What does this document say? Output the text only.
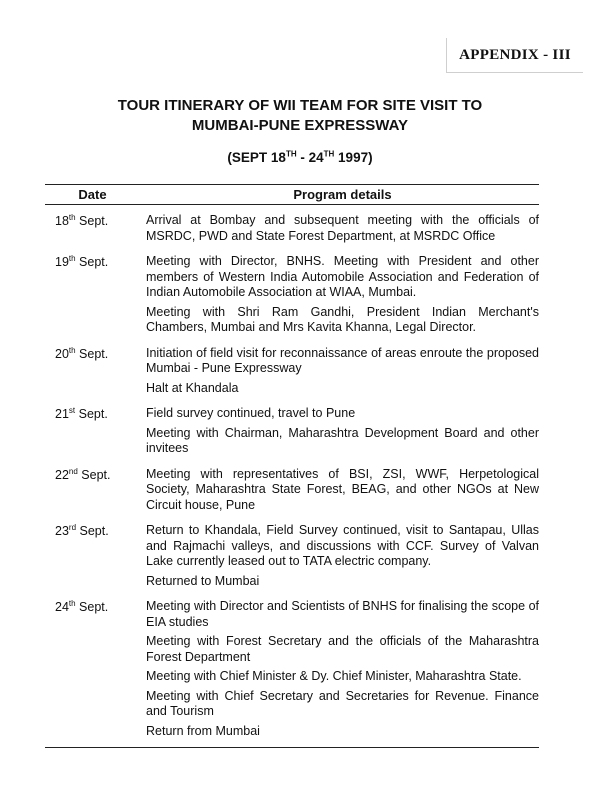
APPENDIX - III
TOUR ITINERARY OF WII TEAM FOR SITE VISIT TO
MUMBAI-PUNE EXPRESSWAY
(SEPT 18TH - 24TH 1997)
Date	Program details
18th Sept.	Arrival at Bombay and subsequent meeting with the officials of MSRDC, PWD and State Forest Department, at MSRDC Office
19th Sept.	Meeting with Director, BNHS. Meeting with President and other members of Western India Automobile Association and Federation of Indian Automobile Association at WIAA, Mumbai.
Meeting with Shri Ram Gandhi, President Indian Merchant's Chambers, Mumbai and Mrs Kavita Khanna, Legal Director.
20th Sept.	Initiation of field visit for reconnaissance of areas enroute the proposed Mumbai - Pune Expressway
Halt at Khandala
21st Sept.	Field survey continued, travel to Pune
Meeting with Chairman, Maharashtra Development Board and other invitees
22nd Sept.	Meeting with representatives of BSI, ZSI, WWF, Herpetological Society, Maharashtra State Forest, BEAG, and other NGOs at New Circuit house, Pune
23rd Sept.	Return to Khandala, Field Survey continued, visit to Santapau, Ullas and Rajmachi valleys, and discussions with CCF. Survey of Valvan Lake currently leased out to TATA electric company.
Returned to Mumbai
24th Sept.	Meeting with Director and Scientists of BNHS for finalising the scope of EIA studies
Meeting with Forest Secretary and the officials of the Maharashtra Forest Department
Meeting with Chief Minister & Dy. Chief Minister, Maharashtra State.
Meeting with Chief Secretary and Secretaries for Revenue. Finance and Tourism
Return from Mumbai
